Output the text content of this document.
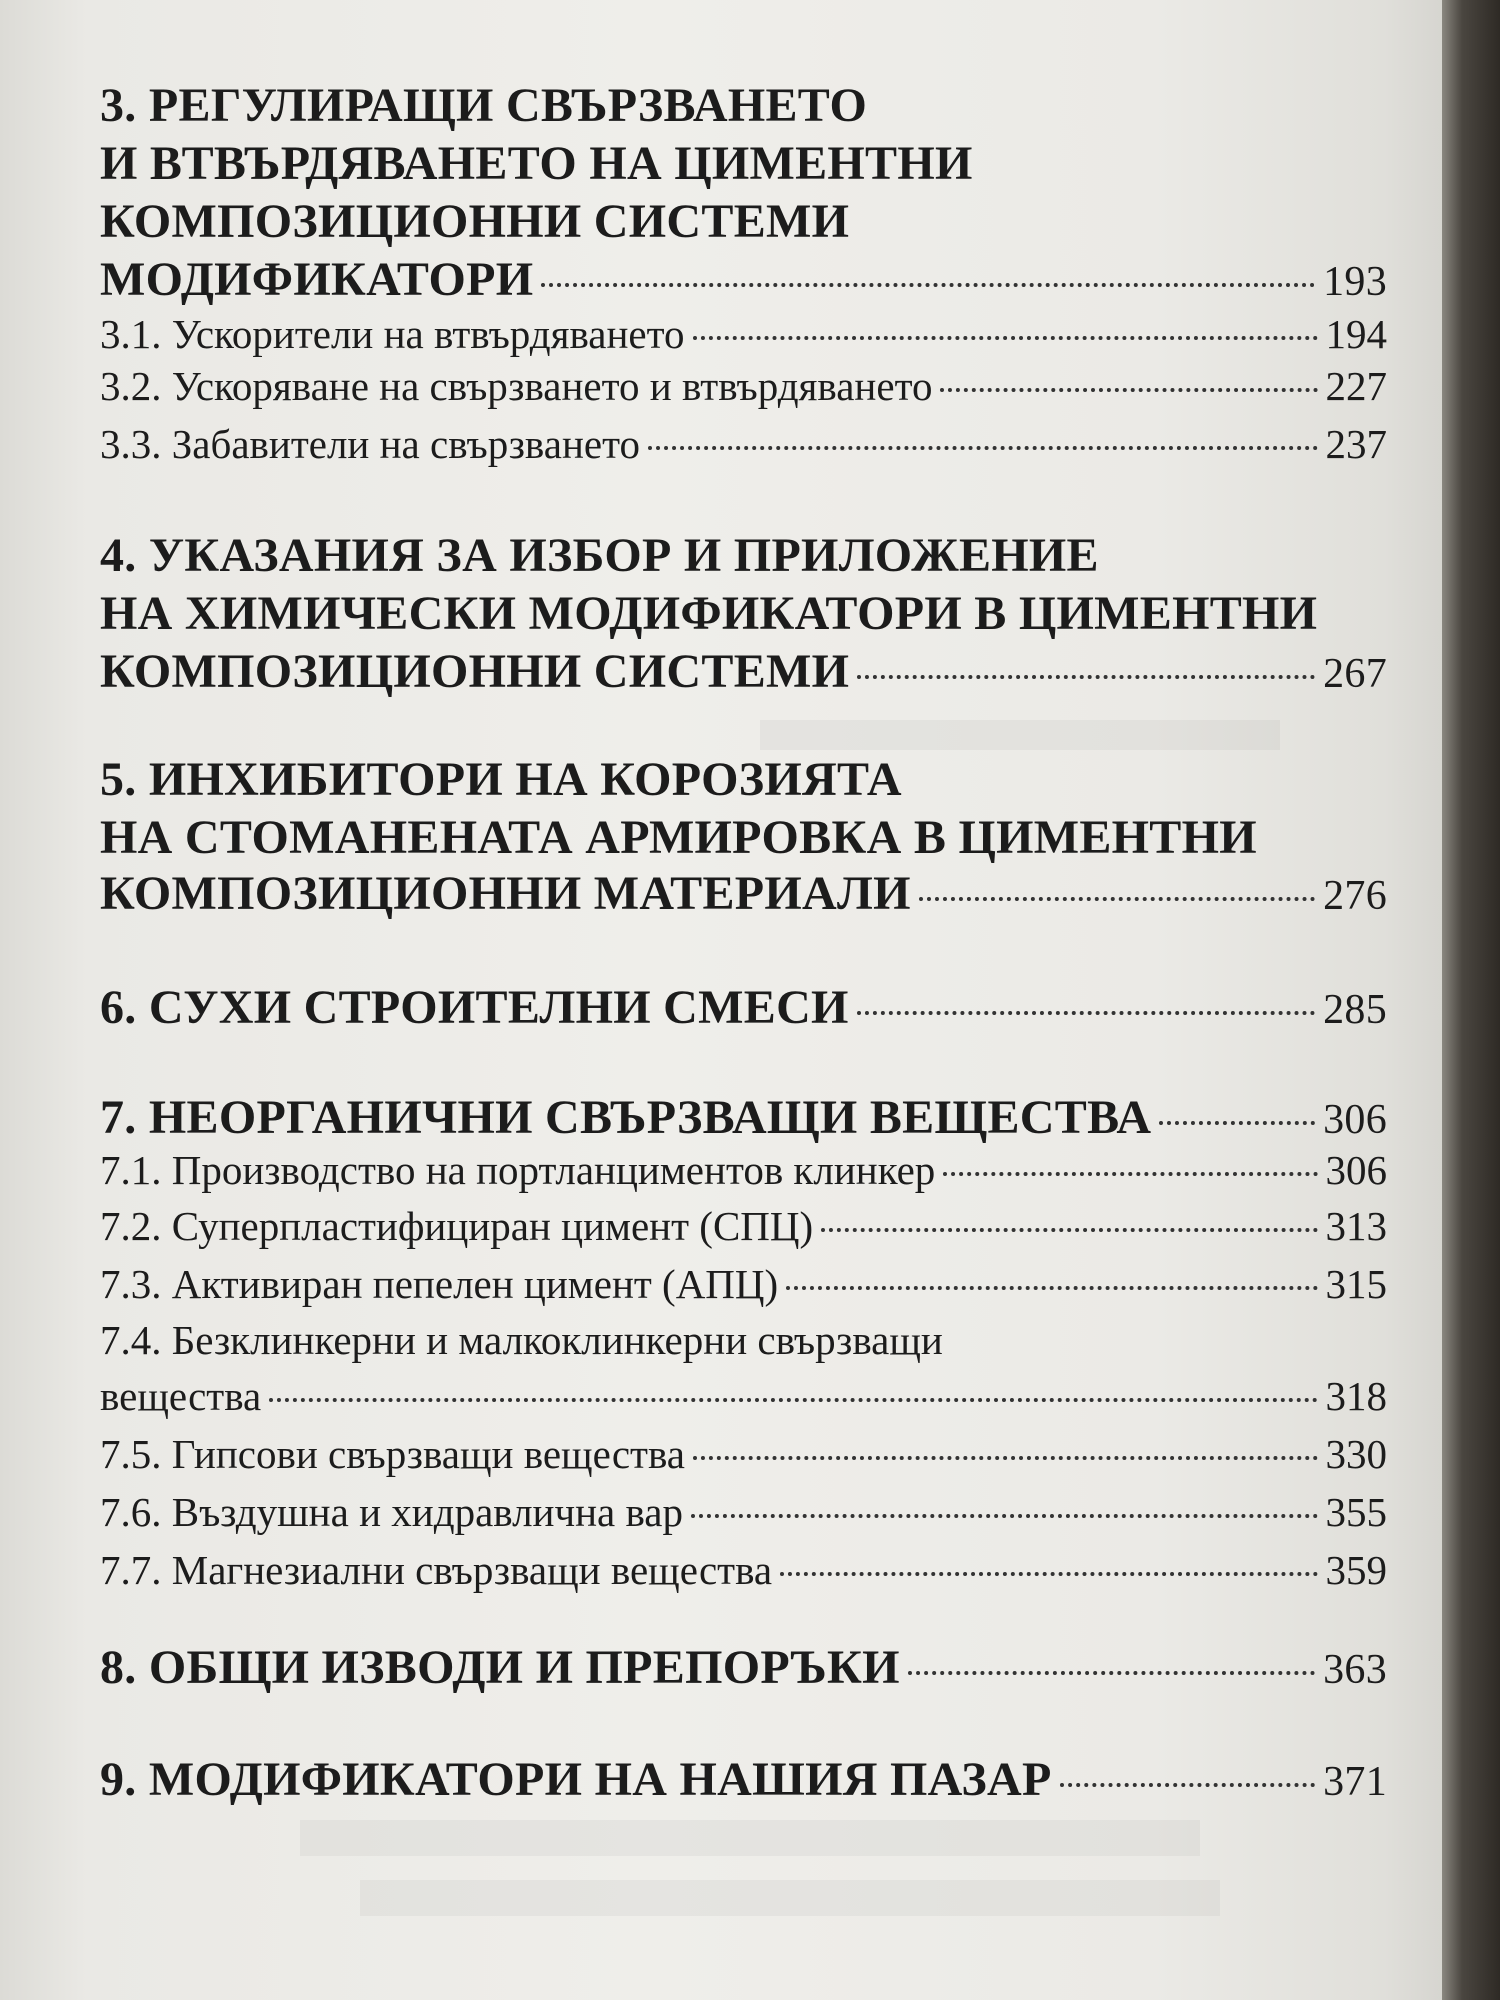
3. РЕГУЛИРАЩИ СВЪРЗВАНЕТО
И ВТВЪРДЯВАНЕТО НА ЦИМЕНТНИ
КОМПОЗИЦИОННИ СИСТЕМИ
МОДИФИКАТОРИ	193
3.1. Ускорители на втвърдяването	194
3.2. Ускоряване на свързването и втвърдяването	227
3.3. Забавители на свързването	237
4. УКАЗАНИЯ ЗА ИЗБОР И ПРИЛОЖЕНИЕ
НА ХИМИЧЕСКИ МОДИФИКАТОРИ В ЦИМЕНТНИ
КОМПОЗИЦИОННИ СИСТЕМИ	267
5. ИНХИБИТОРИ НА КОРОЗИЯТА
НА СТОМАНЕНАТА АРМИРОВКА В ЦИМЕНТНИ
КОМПОЗИЦИОННИ МАТЕРИАЛИ	276
6. СУХИ СТРОИТЕЛНИ СМЕСИ	285
7. НЕОРГАНИЧНИ СВЪРЗВАЩИ ВЕЩЕСТВА	306
7.1. Производство на портланциментов клинкер	306
7.2. Суперпластифициран цимент (СПЦ)	313
7.3. Активиран пепелен цимент (АПЦ)	315
7.4. Безклинкерни и малкоклинкерни свързващи
вещества	318
7.5. Гипсови свързващи вещества	330
7.6. Въздушна и хидравлична вар	355
7.7. Магнезиални свързващи вещества	359
8. ОБЩИ ИЗВОДИ И ПРЕПОРЪКИ	363
9. МОДИФИКАТОРИ НА НАШИЯ ПАЗАР	371
